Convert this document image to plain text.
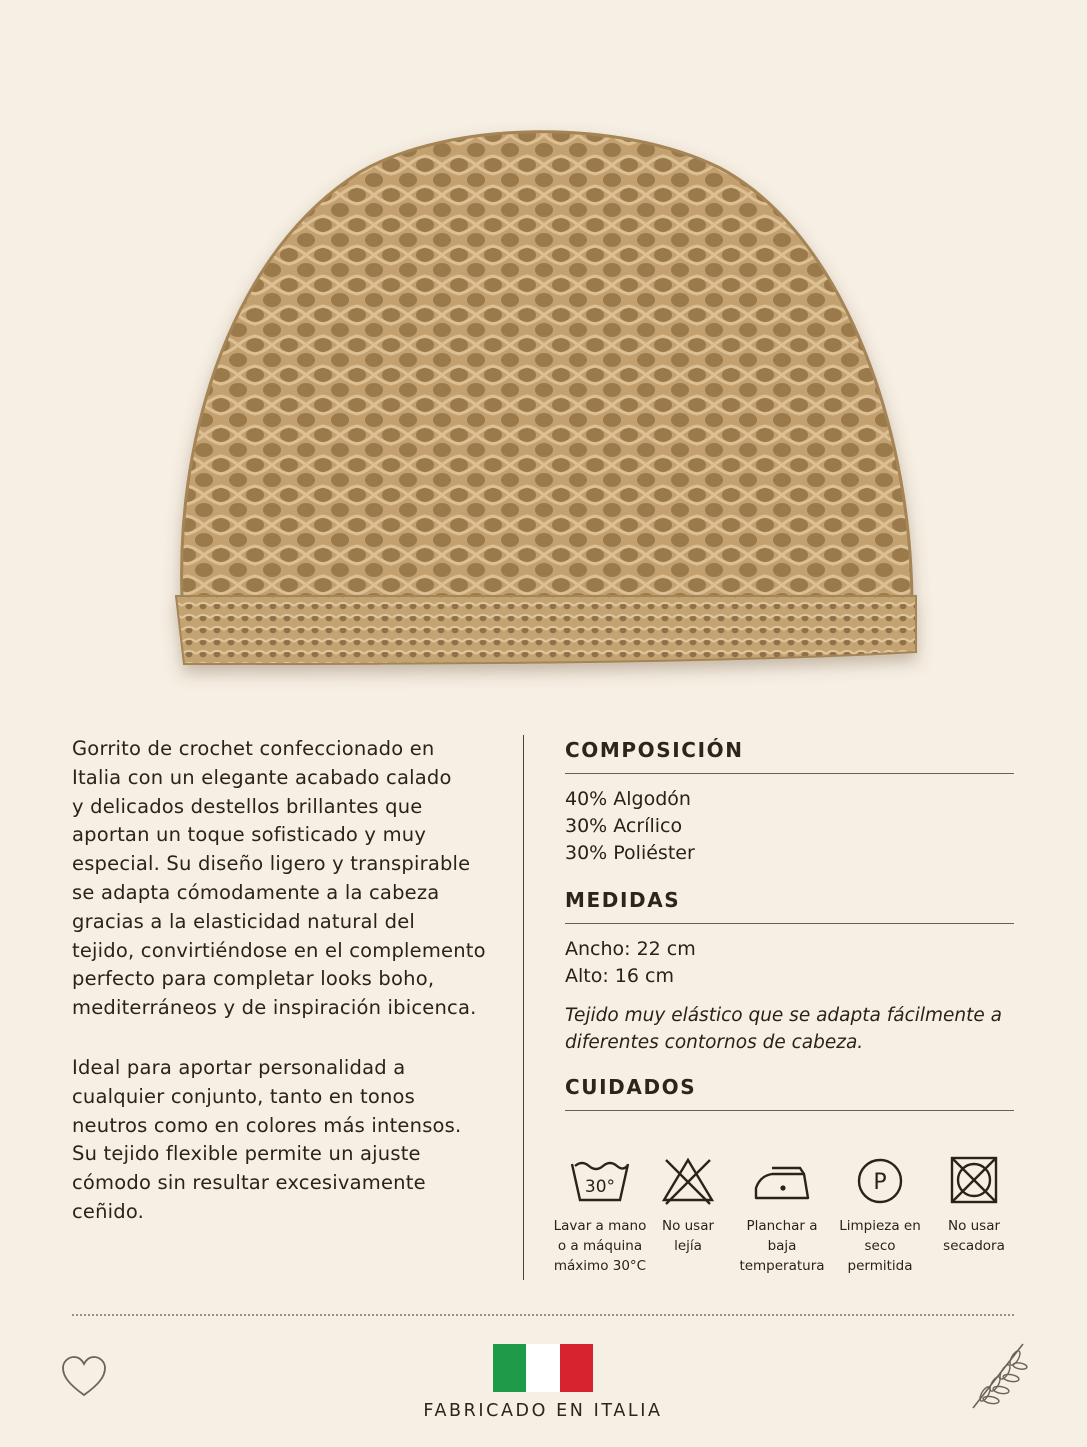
Gorrito de crochet confeccionado en
Italia con un elegante acabado calado
y delicados destellos brillantes que
aportan un toque sofisticado y muy
especial. Su diseño ligero y transpirable
se adapta cómodamente a la cabeza
gracias a la elasticidad natural del
tejido, convirtiéndose en el complemento
perfecto para completar looks boho,
mediterráneos y de inspiración ibicenca.

Ideal para aportar personalidad a
cualquier conjunto, tanto en tonos
neutros como en colores más intensos.
Su tejido flexible permite un ajuste
cómodo sin resultar excesivamente
ceñido.

COMPOSICIÓN
40% Algodón
30% Acrílico
30% Poliéster
MEDIDAS
Ancho: 22 cm
Alto: 16 cm
Tejido muy elástico que se adapta fácilmente a diferentes contornos de cabeza.
CUIDADOS
30°
Lavar a mano
o a máquina
máximo 30°C
No usar
lejía
Planchar a
baja
temperatura
P
Limpieza en
seco
permitida
No usar
secadora
FABRICADO EN ITALIA
